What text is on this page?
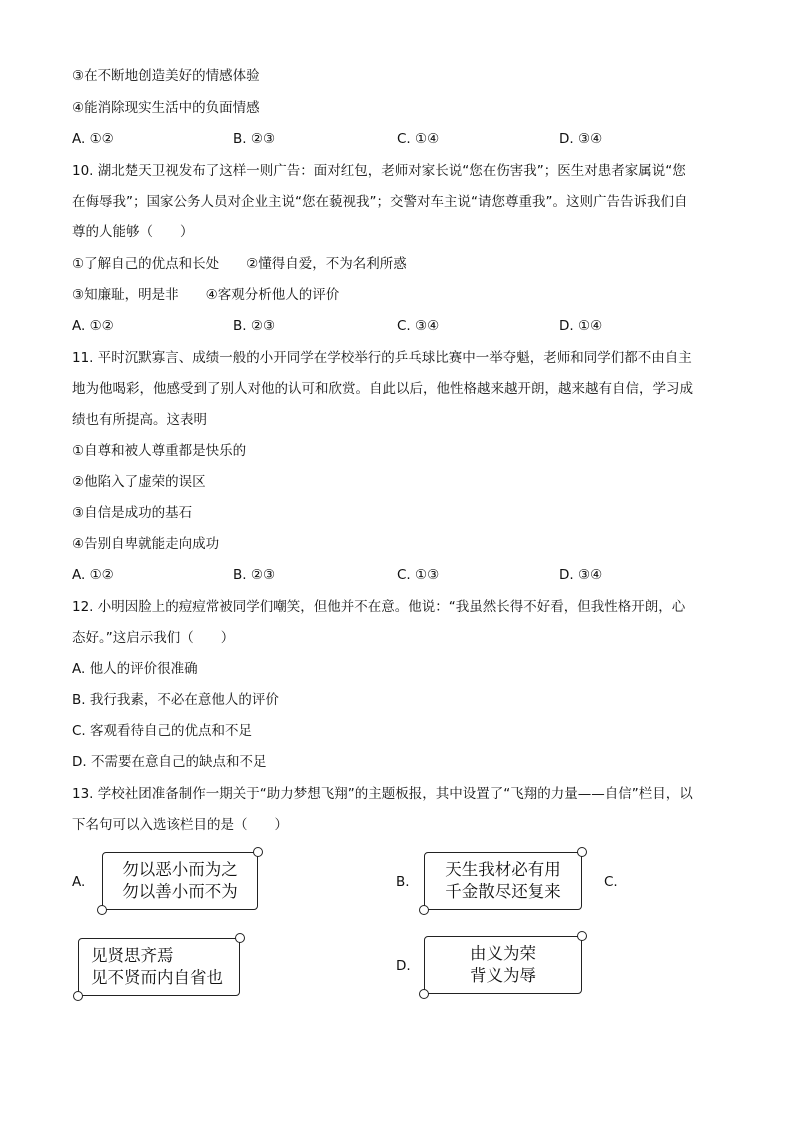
③在不断地创造美好的情感体验
④能消除现实生活中的负面情感
A. ①②	B. ②③	C. ①④	D. ③④
10. 湖北楚天卫视发布了这样一则广告：面对红包，老师对家长说“您在伤害我”；医生对患者家属说“您
在侮辱我”；国家公务人员对企业主说“您在藐视我”；交警对车主说“请您尊重我”。这则广告告诉我们自
尊的人能够（　　）
①了解自己的优点和长处　　②懂得自爱，不为名利所惑
③知廉耻，明是非　　④客观分析他人的评价
A. ①②	B. ②③	C. ③④	D. ①④
11. 平时沉默寡言、成绩一般的小开同学在学校举行的乒乓球比赛中一举夺魁，老师和同学们都不由自主
地为他喝彩，他感受到了别人对他的认可和欣赏。自此以后，他性格越来越开朗，越来越有自信，学习成
绩也有所提高。这表明
①自尊和被人尊重都是快乐的
②他陷入了虚荣的误区
③自信是成功的基石
④告别自卑就能走向成功
A. ①②	B. ②③	C. ①③	D. ③④
12. 小明因脸上的痘痘常被同学们嘲笑，但他并不在意。他说：“我虽然长得不好看，但我性格开朗，心
态好。”这启示我们（　　）
A. 他人的评价很准确
B. 我行我素，不必在意他人的评价
C. 客观看待自己的优点和不足
D. 不需要在意自己的缺点和不足
13. 学校社团准备制作一期关于“助力梦想飞翔”的主题板报，其中设置了“飞翔的力量——自信”栏目，以
下名句可以入选该栏目的是（　　）
A.
勿以恶小而为之
勿以善小而不为	B.
天生我材必有用
千金散尽还复来	C.
见贤思齐焉
见不贤而内自省也
D.
由义为荣
背义为辱
